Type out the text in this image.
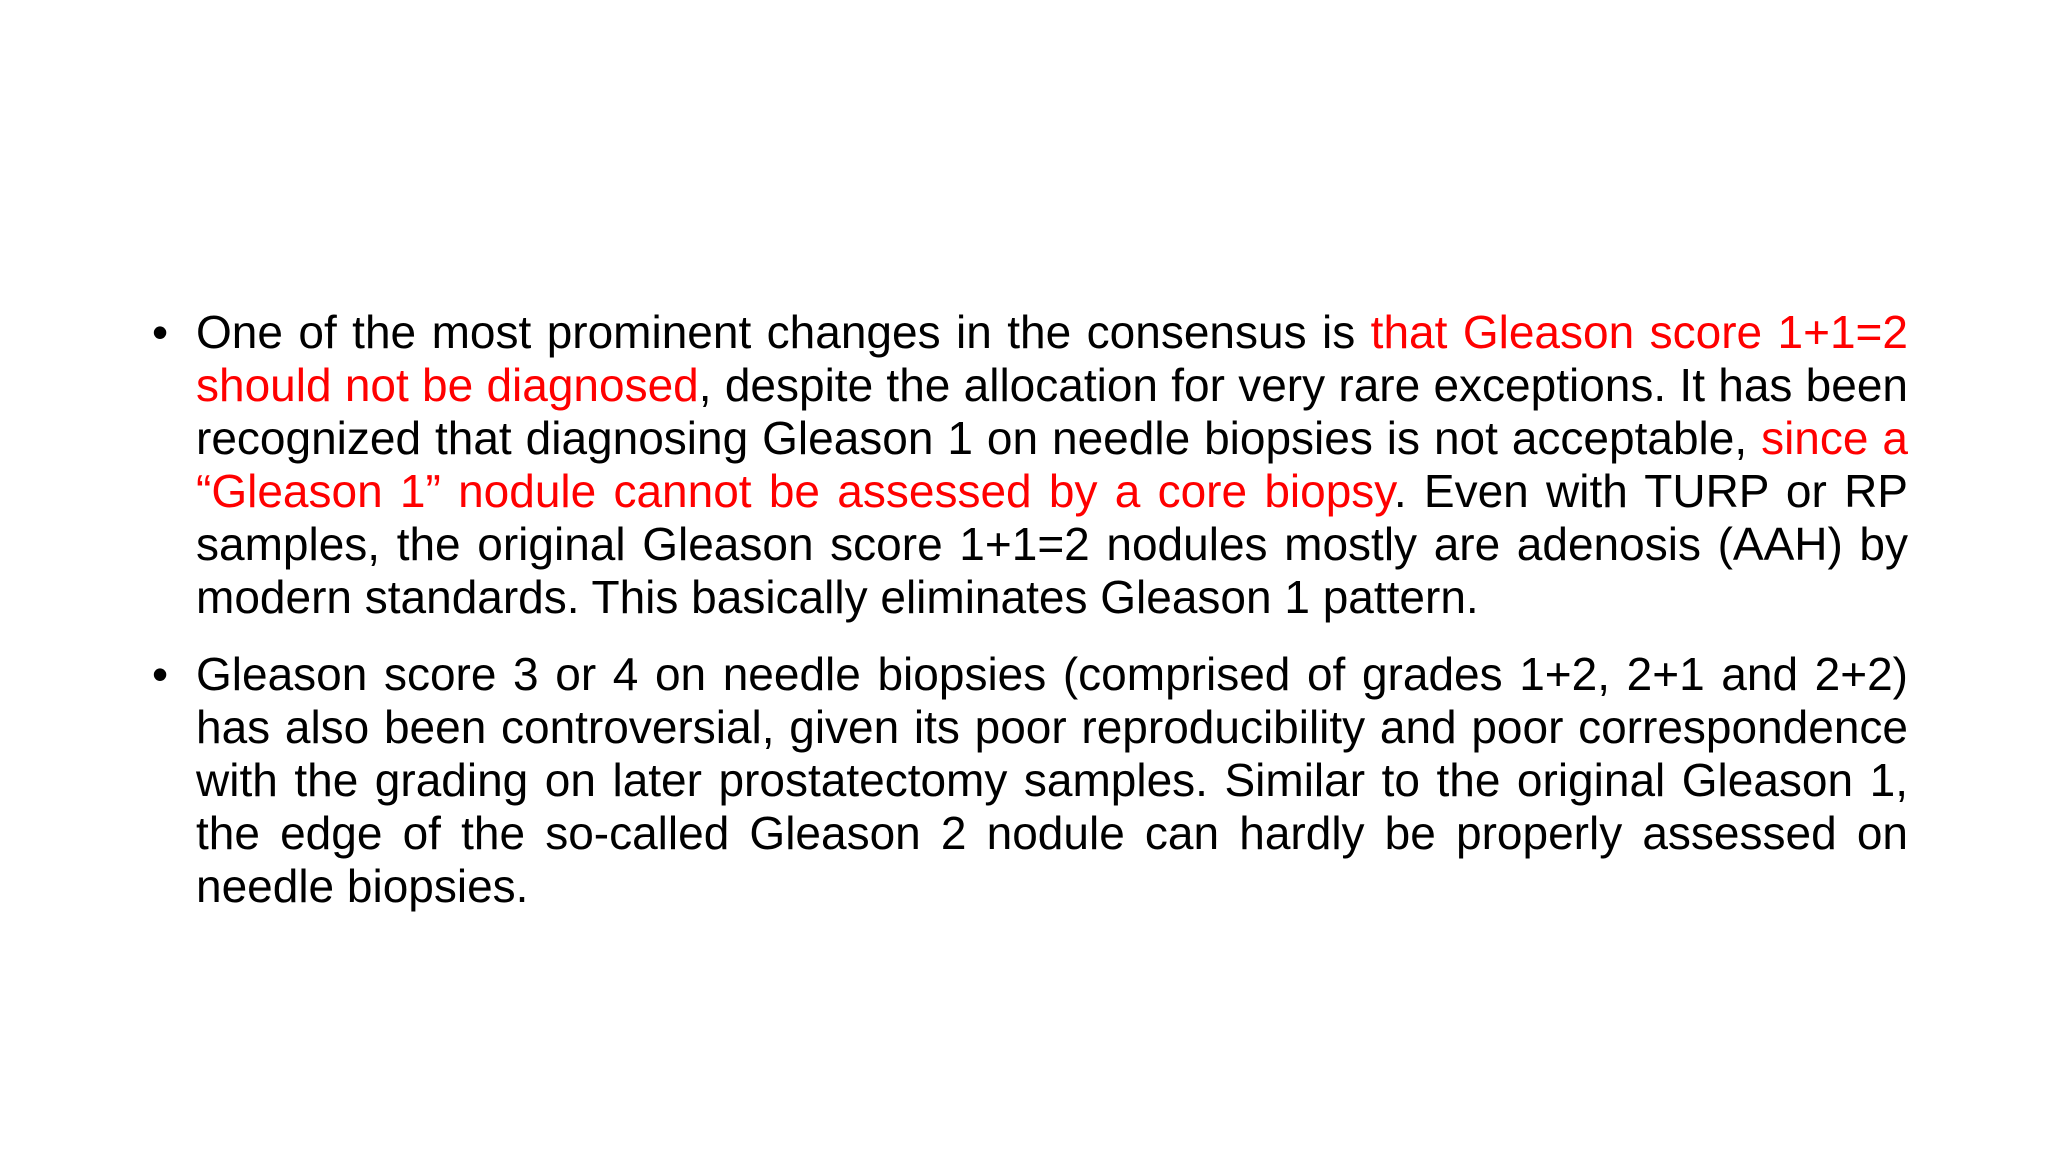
• One of the most prominent changes in the consensus is that Gleason score 1+1=2 should not be diagnosed, despite the allocation for very rare exceptions. It has been recognized that diagnosing Gleason 1 on needle biopsies is not acceptable, since a “Gleason 1” nodule cannot be assessed by a core biopsy. Even with TURP or RP samples, the original Gleason score 1+1=2 nodules mostly are adenosis (AAH) by modern standards. This basically eliminates Gleason 1 pattern.
• Gleason score 3 or 4 on needle biopsies (comprised of grades 1+2, 2+1 and 2+2) has also been controversial, given its poor reproducibility and poor correspondence with the grading on later prostatectomy samples. Similar to the original Gleason 1, the edge of the so-called Gleason 2 nodule can hardly be properly assessed on needle biopsies.
